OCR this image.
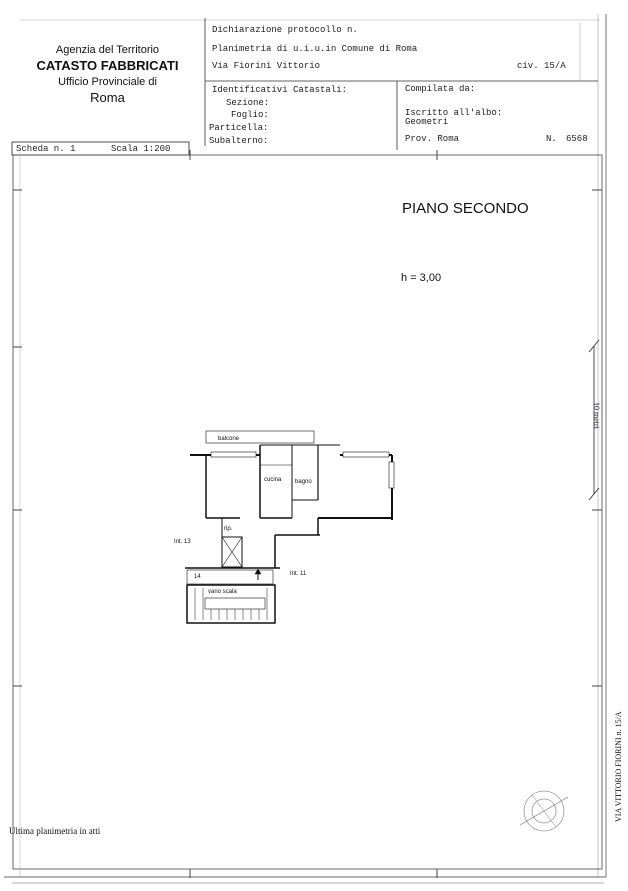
Agenzia del Territorio
CATASTO FABBRICATI
Ufficio Provinciale di
Roma
Dichiarazione protocollo n.
Planimetria di u.i.u.in Comune di Roma
Via Fiorini Vittorio	civ. 15/A
Identificativi Catastali:
Sezione:
Foglio:
Particella:
Subalterno:
Compilata da:
Iscritto all'albo:
Geometri
Prov. Roma	N. 6568
Scheda n. 1	Scala 1:200
PIANO SECONDO
h = 3,00
balcone
cucina bagno
rip.
Int. 13
Int. 11
14
vano scala
10 metri
VIA VITTORIO FIORINI n. 15/A
Ultima planimetria in atti
